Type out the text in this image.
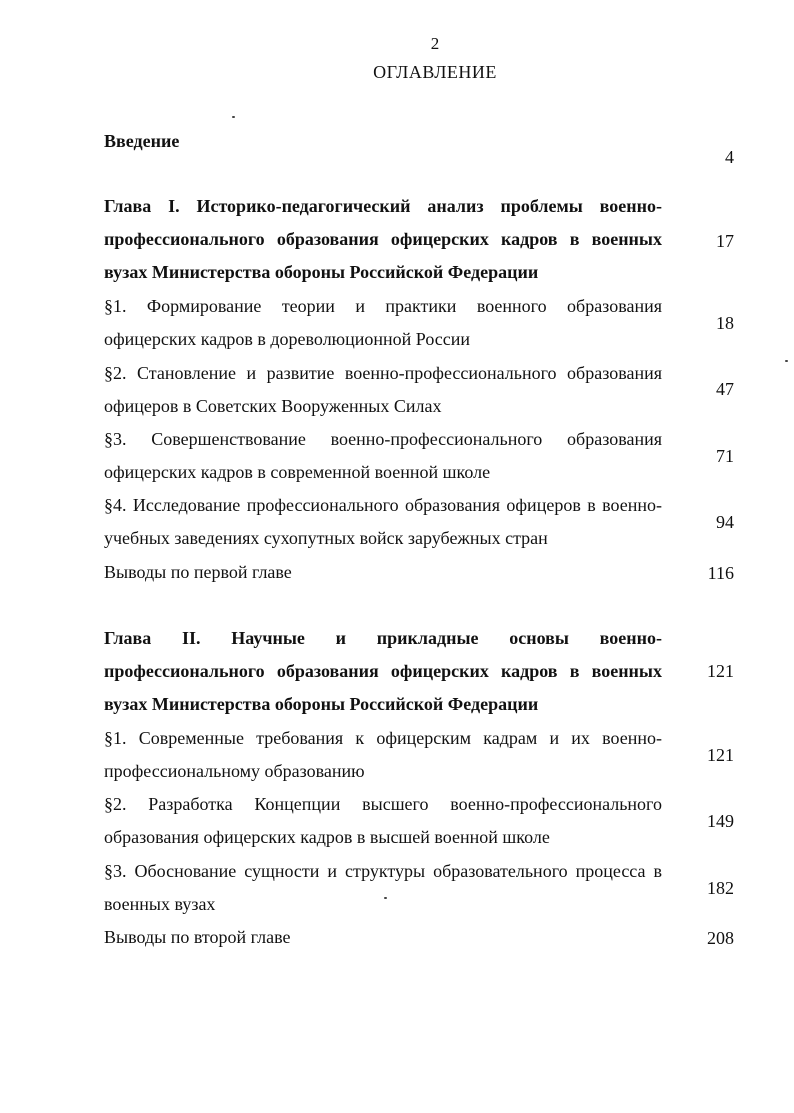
2
ОГЛАВЛЕНИЕ
Введение
4
Глава I. Историко-педагогический анализ проблемы военно-профессионального образования офицерских кадров в военных вузах Министерства обороны Российской Федерации
17
§1. Формирование теории и практики военного образования офицерских кадров в дореволюционной России
18
§2. Становление и развитие военно-профессионального образования офицеров в Советских Вооруженных Силах
47
§3. Совершенствование военно-профессионального образования офицерских кадров в современной военной школе
71
§4. Исследование профессионального образования офицеров в военно-учебных заведениях сухопутных войск зарубежных стран
94
Выводы по первой главе	116
Глава II. Научные и прикладные основы военно-профессионального образования офицерских кадров в военных вузах Министерства обороны Российской Федерации
121
§1. Современные требования к офицерским кадрам и их военно-профессиональному образованию
121
§2. Разработка Концепции высшего военно-профессионального образования офицерских кадров в высшей военной школе
149
§3. Обоснование сущности и структуры образовательного процесса в военных вузах
182
Выводы по второй главе	208
